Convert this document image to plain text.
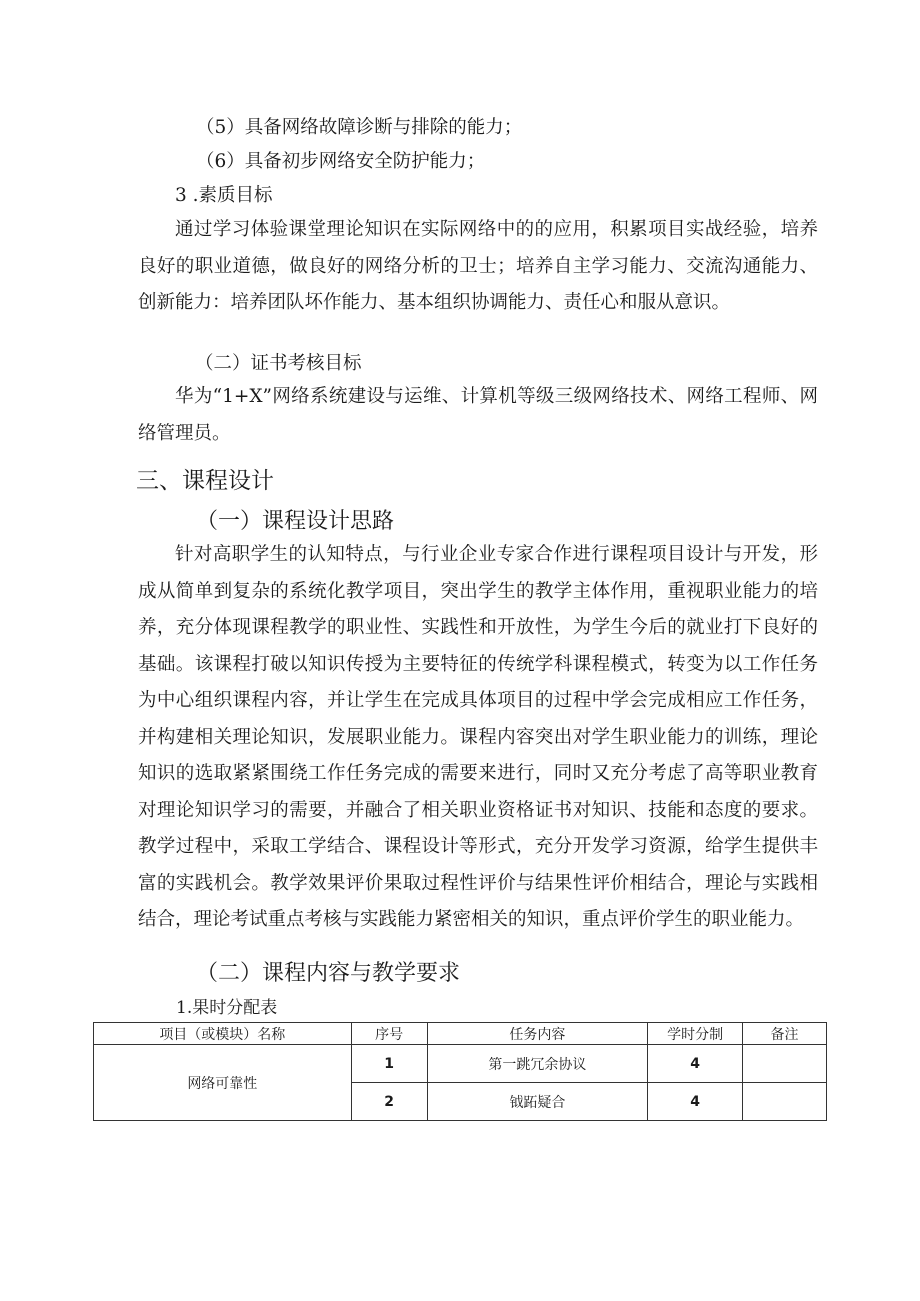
（5）具备网络故障诊断与排除的能力；
（6）具备初步网络安全防护能力；
3 .素质目标

通过学习体验课堂理论知识在实际网络中的的应用，积累项目实战经验，培养良好的职业道德，做良好的网络分析的卫士；培养自主学习能力、交流沟通能力、创新能力：培养团队坏作能力、基本组织协调能力、责任心和服从意识。

（二）证书考核目标

华为“1+X”网络系统建设与运维、计算机等级三级网络技术、网络工程师、网络管理员。

三、课程设计
（一）课程设计思路

针对高职学生的认知特点，与行业企业专家合作进行课程项目设计与开发，形成从简单到复杂的系统化教学项目，突出学生的教学主体作用，重视职业能力的培养，充分体现课程教学的职业性、实践性和开放性，为学生今后的就业打下良好的基础。该课程打破以知识传授为主要特征的传统学科课程模式，转变为以工作任务为中心组织课程内容，并让学生在完成具体项目的过程中学会完成相应工作任务，并构建相关理论知识，发展职业能力。课程内容突出对学生职业能力的训练，理论知识的选取紧紧围绕工作任务完成的需要来进行，同时又充分考虑了高等职业教育对理论知识学习的需要，并融合了相关职业资格证书对知识、技能和态度的要求。教学过程中，采取工学结合、课程设计等形式，充分开发学习资源，给学生提供丰富的实践机会。教学效果评价果取过程性评价与结果性评价相结合，理论与实践相结合，理论考试重点考核与实践能力紧密相关的知识，重点评价学生的职业能力。

（二）课程内容与教学要求
1.果时分配表
项目（或模块）名称	序号	任务内容	学时分制	备注
网络可靠性	1	第一跳冗余协议	4	
	2	钺跖疑合	4	
